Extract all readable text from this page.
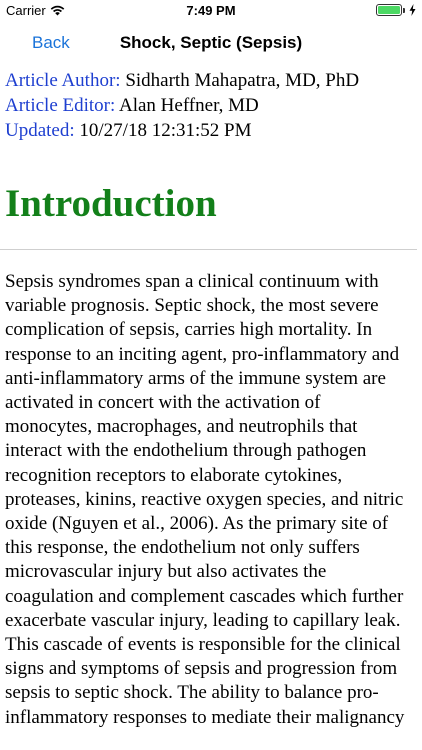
Carrier	7:49 PM
Back	Shock, Septic (Sepsis)

Article Author: Sidharth Mahapatra, MD, PhD

Article Editor: Alan Heffner, MD

Updated: 10/27/18 12:31:52 PM

Introduction

Sepsis syndromes span a clinical continuum with variable prognosis. Septic shock, the most severe complication of sepsis, carries high mortality. In response to an inciting agent, pro-inflammatory and anti-inflammatory arms of the immune system are activated in concert with the activation of monocytes, macrophages, and neutrophils that interact with the endothelium through pathogen recognition receptors to elaborate cytokines, proteases, kinins, reactive oxygen species, and nitric oxide (Nguyen et al., 2006). As the primary site of this response, the endothelium not only suffers microvascular injury but also activates the coagulation and complement cascades which further exacerbate vascular injury, leading to capillary leak. This cascade of events is responsible for the clinical signs and symptoms of sepsis and progression from sepsis to septic shock. The ability to balance pro-inflammatory responses to mediate their malignancy
